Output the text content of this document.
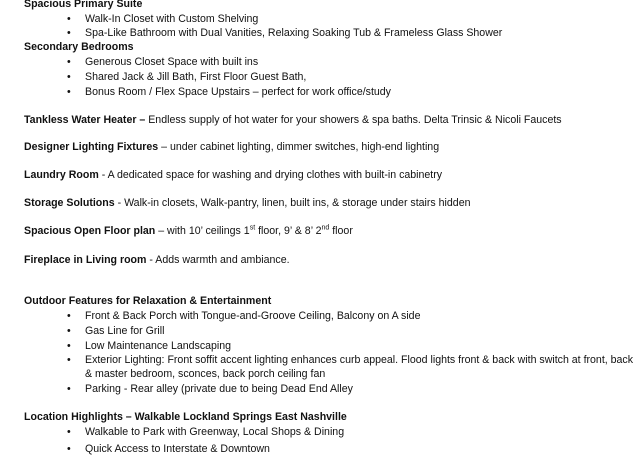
Spacious Primary Suite
• Walk-In Closet with Custom Shelving
• Spa-Like Bathroom with Dual Vanities, Relaxing Soaking Tub & Frameless Glass Shower
Secondary Bedrooms
• Generous Closet Space with built ins
• Shared Jack & Jill Bath, First Floor Guest Bath,
• Bonus Room / Flex Space Upstairs – perfect for work office/study
Tankless Water Heater – Endless supply of hot water for your showers & spa baths. Delta Trinsic & Nicoli Faucets
Designer Lighting Fixtures – under cabinet lighting, dimmer switches, high-end lighting
Laundry Room - A dedicated space for washing and drying clothes with built-in cabinetry
Storage Solutions - Walk-in closets, Walk-pantry, linen, built ins, & storage under stairs hidden
Spacious Open Floor plan – with 10’ ceilings 1st floor, 9’ & 8’ 2nd floor
Fireplace in Living room - Adds warmth and ambiance.
Outdoor Features for Relaxation & Entertainment
• Front & Back Porch with Tongue-and-Groove Ceiling, Balcony on A side
• Gas Line for Grill
• Low Maintenance Landscaping
• Exterior Lighting: Front soffit accent lighting enhances curb appeal. Flood lights front & back with switch at front, back & master bedroom, sconces, back porch ceiling fan
• Parking - Rear alley (private due to being Dead End Alley
Location Highlights – Walkable Lockland Springs East Nashville
• Walkable to Park with Greenway, Local Shops & Dining
• Quick Access to Interstate & Downtown
